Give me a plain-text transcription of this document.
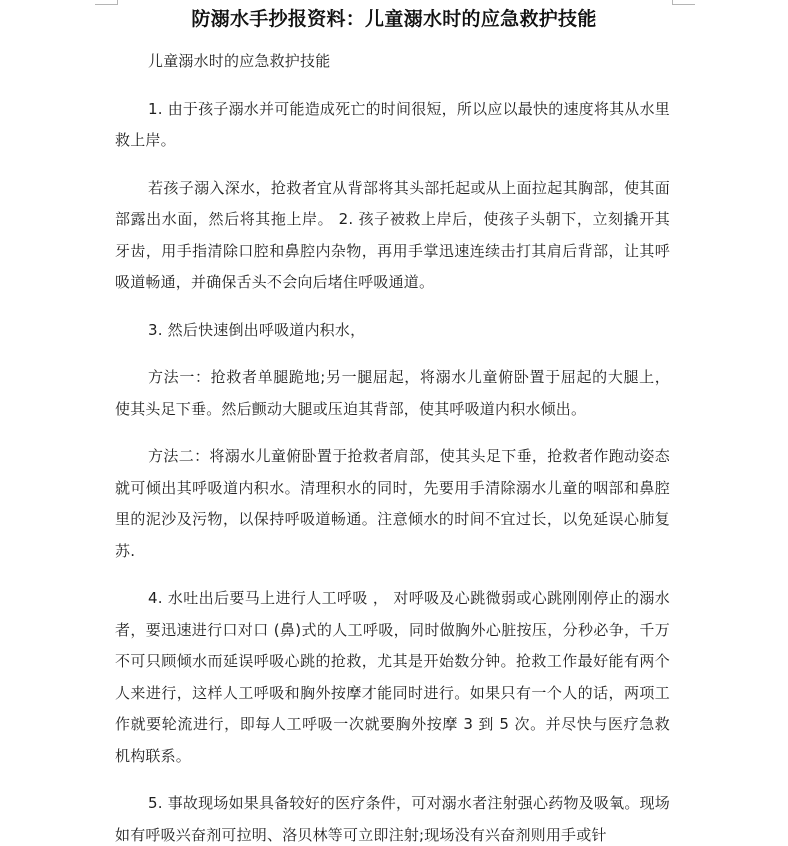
防溺水手抄报资料：儿童溺水时的应急救护技能

儿童溺水时的应急救护技能

1. 由于孩子溺水并可能造成死亡的时间很短，所以应以最快的速度将其从水里救上岸。

若孩子溺入深水，抢救者宜从背部将其头部托起或从上面拉起其胸部，使其面部露出水面，然后将其拖上岸。 2. 孩子被救上岸后，使孩子头朝下，立刻撬开其牙齿，用手指清除口腔和鼻腔内杂物，再用手掌迅速连续击打其肩后背部，让其呼吸道畅通，并确保舌头不会向后堵住呼吸通道。

3. 然后快速倒出呼吸道内积水，

方法一：抢救者单腿跪地;另一腿屈起，将溺水儿童俯卧置于屈起的大腿上，使其头足下垂。然后颤动大腿或压迫其背部，使其呼吸道内积水倾出。

方法二：将溺水儿童俯卧置于抢救者肩部，使其头足下垂，抢救者作跑动姿态就可倾出其呼吸道内积水。清理积水的同时，先要用手清除溺水儿童的咽部和鼻腔里的泥沙及污物，以保持呼吸道畅通。注意倾水的时间不宜过长，以免延误心肺复苏.

4. 水吐出后要马上进行人工呼吸 ， 对呼吸及心跳微弱或心跳刚刚停止的溺水者，要迅速进行口对口 (鼻)式的人工呼吸，同时做胸外心脏按压，分秒必争，千万不可只顾倾水而延误呼吸心跳的抢救，尤其是开始数分钟。抢救工作最好能有两个人来进行，这样人工呼吸和胸外按摩才能同时进行。如果只有一个人的话，两项工作就要轮流进行，即每人工呼吸一次就要胸外按摩 3 到 5 次。并尽快与医疗急救机构联系。

5. 事故现场如果具备较好的医疗条件，可对溺水者注射强心药物及吸氧。现场如有呼吸兴奋剂可拉明、洛贝林等可立即注射;现场没有兴奋剂则用手或针
